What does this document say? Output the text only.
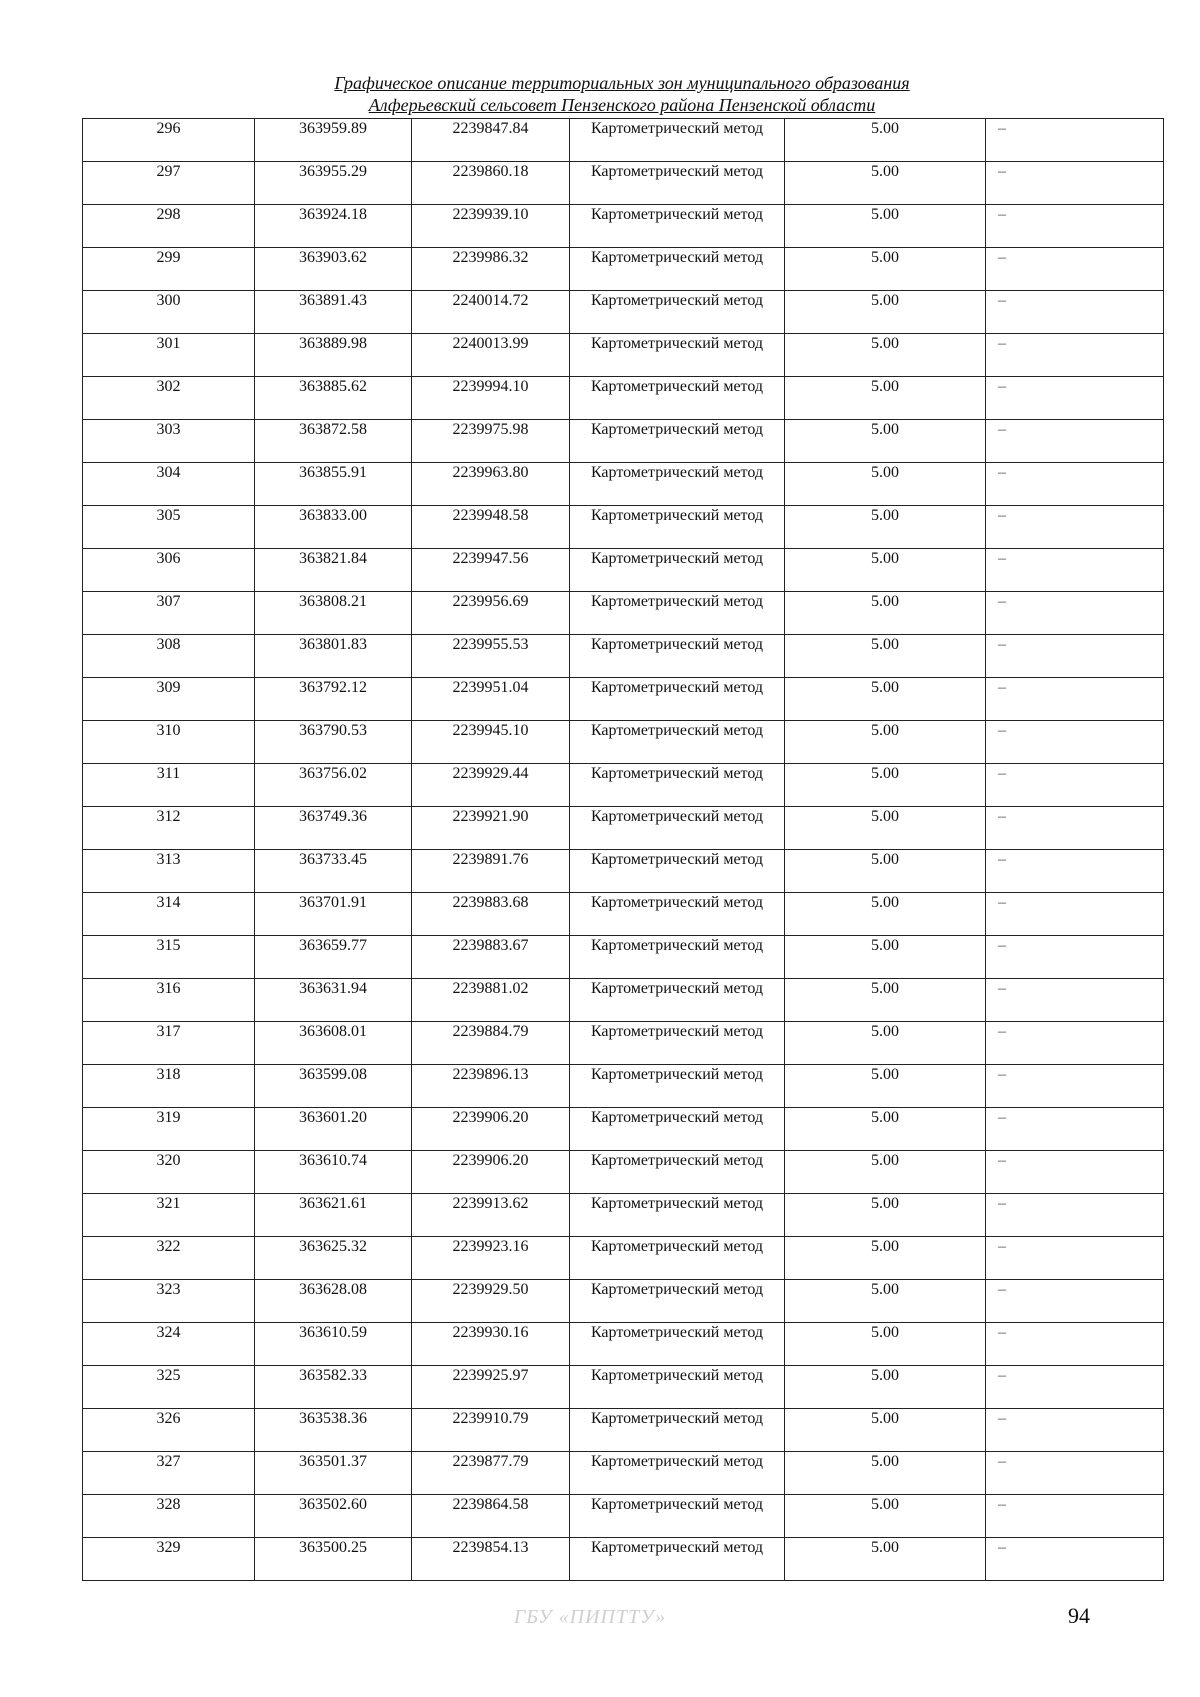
Графическое описание территориальных зон муниципального образования
Алферьевский сельсовет Пензенского района Пензенской области
296	363959.89	2239847.84	Картометрический метод	5.00	–
297	363955.29	2239860.18	Картометрический метод	5.00	–
298	363924.18	2239939.10	Картометрический метод	5.00	–
299	363903.62	2239986.32	Картометрический метод	5.00	–
300	363891.43	2240014.72	Картометрический метод	5.00	–
301	363889.98	2240013.99	Картометрический метод	5.00	–
302	363885.62	2239994.10	Картометрический метод	5.00	–
303	363872.58	2239975.98	Картометрический метод	5.00	–
304	363855.91	2239963.80	Картометрический метод	5.00	–
305	363833.00	2239948.58	Картометрический метод	5.00	–
306	363821.84	2239947.56	Картометрический метод	5.00	–
307	363808.21	2239956.69	Картометрический метод	5.00	–
308	363801.83	2239955.53	Картометрический метод	5.00	–
309	363792.12	2239951.04	Картометрический метод	5.00	–
310	363790.53	2239945.10	Картометрический метод	5.00	–
311	363756.02	2239929.44	Картометрический метод	5.00	–
312	363749.36	2239921.90	Картометрический метод	5.00	–
313	363733.45	2239891.76	Картометрический метод	5.00	–
314	363701.91	2239883.68	Картометрический метод	5.00	–
315	363659.77	2239883.67	Картометрический метод	5.00	–
316	363631.94	2239881.02	Картометрический метод	5.00	–
317	363608.01	2239884.79	Картометрический метод	5.00	–
318	363599.08	2239896.13	Картометрический метод	5.00	–
319	363601.20	2239906.20	Картометрический метод	5.00	–
320	363610.74	2239906.20	Картометрический метод	5.00	–
321	363621.61	2239913.62	Картометрический метод	5.00	–
322	363625.32	2239923.16	Картометрический метод	5.00	–
323	363628.08	2239929.50	Картометрический метод	5.00	–
324	363610.59	2239930.16	Картометрический метод	5.00	–
325	363582.33	2239925.97	Картометрический метод	5.00	–
326	363538.36	2239910.79	Картометрический метод	5.00	–
327	363501.37	2239877.79	Картометрический метод	5.00	–
328	363502.60	2239864.58	Картометрический метод	5.00	–
329	363500.25	2239854.13	Картометрический метод	5.00	–
ГБУ «ПИПТТУ»	94
